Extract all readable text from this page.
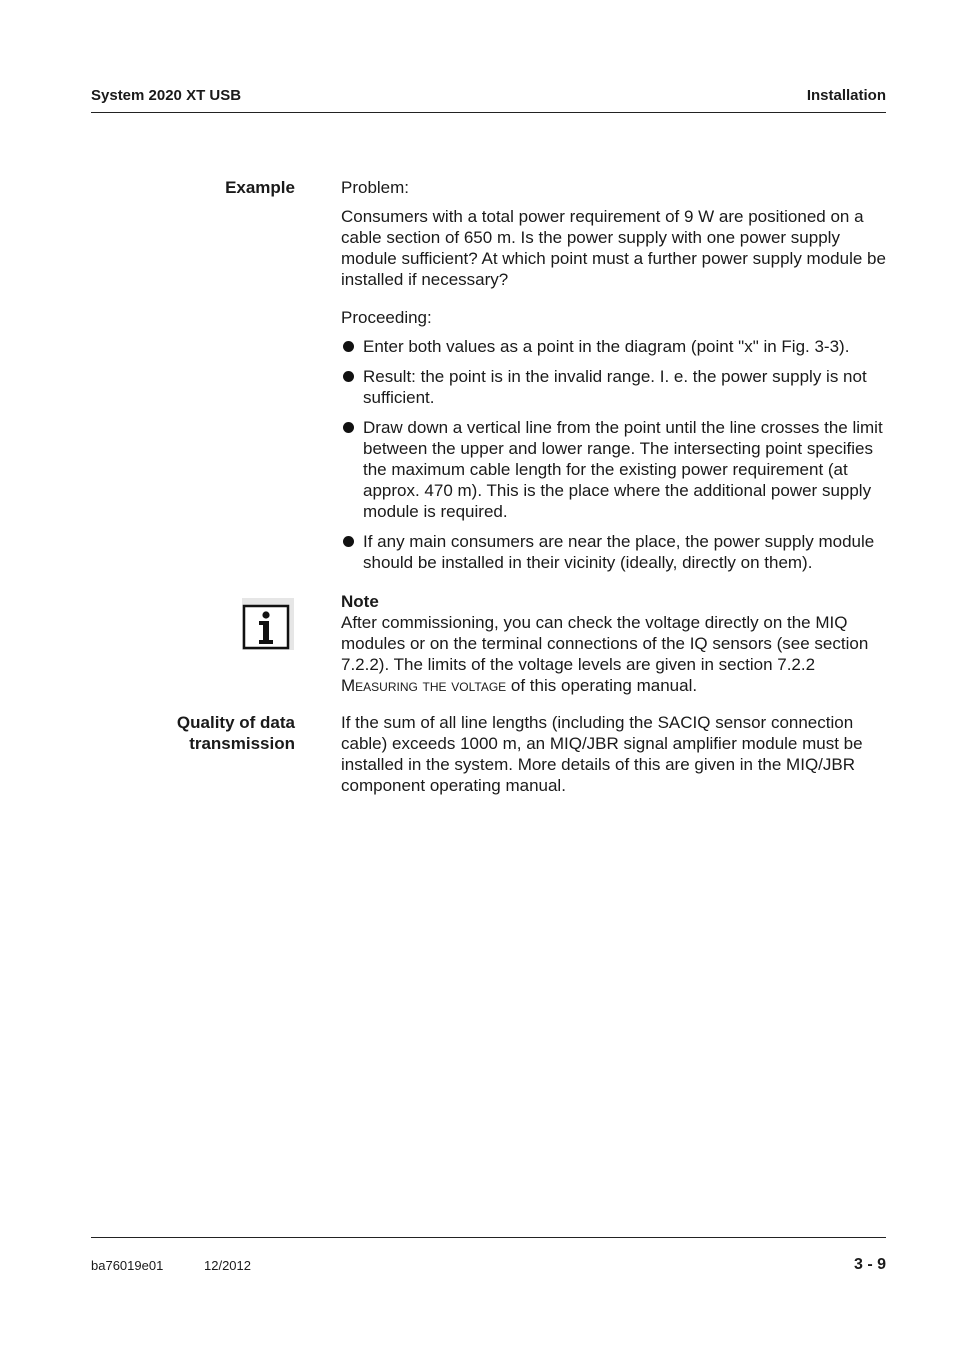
System 2020 XT USB	Installation
Example	Problem:
Consumers with a total power requirement of 9 W are positioned on a cable section of 650 m. Is the power supply with one power supply module sufficient? At which point must a further power supply module be installed if necessary?
Proceeding:
Enter both values as a point in the diagram (point "x" in Fig. 3-3).
Result: the point is in the invalid range. I. e. the power supply is not sufficient.
Draw down a vertical line from the point until the line crosses the limit between the upper and lower range. The intersecting point specifies the maximum cable length for the existing power requirement (at approx. 470 m). This is the place where the additional power supply module is required.
If any main consumers are near the place, the power supply module should be installed in their vicinity (ideally, directly on them).
Note
After commissioning, you can check the voltage directly on the MIQ modules or on the terminal connections of the IQ sensors (see section 7.2.2). The limits of the voltage levels are given in section 7.2.2 Measuring the voltage of this operating manual.
Quality of data
transmission
If the sum of all line lengths (including the SACIQ sensor connection cable) exceeds 1000 m, an MIQ/JBR signal amplifier module must be installed in the system. More details of this are given in the MIQ/JBR component operating manual.
ba76019e01	12/2012	3 - 9
